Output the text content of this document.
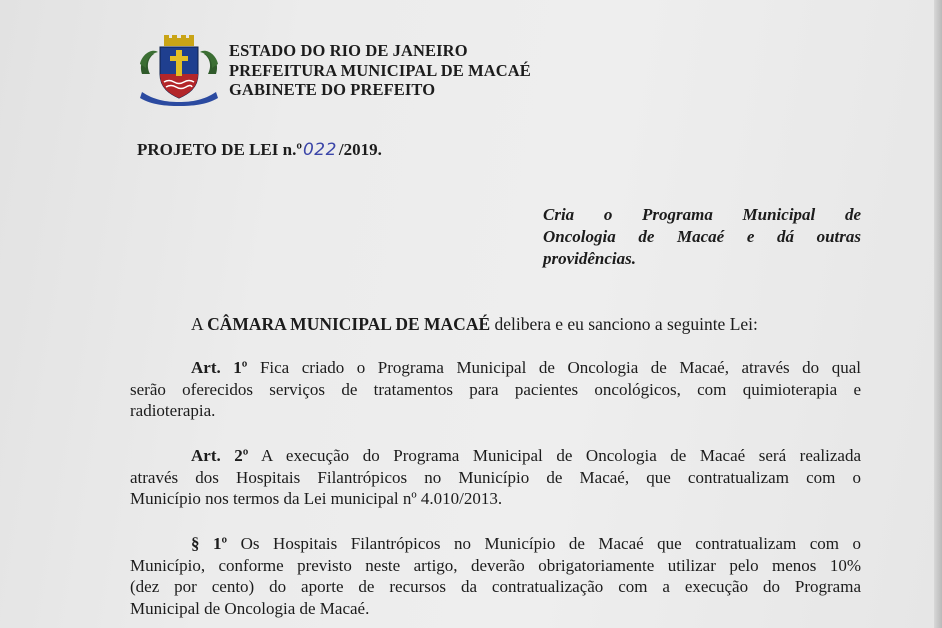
ESTADO DO RIO DE JANEIRO
PREFEITURA MUNICIPAL DE MACAÉ
GABINETE DO PREFEITO
PROJETO DE LEI n.º022 /2019.
Cria o Programa Municipal de
Oncologia de Macaé e dá outras
providências.
A CÂMARA MUNICIPAL DE MACAÉ delibera e eu sanciono a seguinte Lei:
Art. 1º Fica criado o Programa Municipal de Oncologia de Macaé, através do qual
serão oferecidos serviços de tratamentos para pacientes oncológicos, com quimioterapia e
radioterapia.
Art. 2º A execução do Programa Municipal de Oncologia de Macaé será realizada
através dos Hospitais Filantrópicos no Município de Macaé, que contratualizam com o
Município nos termos da Lei municipal nº 4.010/2013.
§ 1º Os Hospitais Filantrópicos no Município de Macaé que contratualizam com o
Município, conforme previsto neste artigo, deverão obrigatoriamente utilizar pelo menos 10%
(dez por cento) do aporte de recursos da contratualização com a execução do Programa
Municipal de Oncologia de Macaé.
